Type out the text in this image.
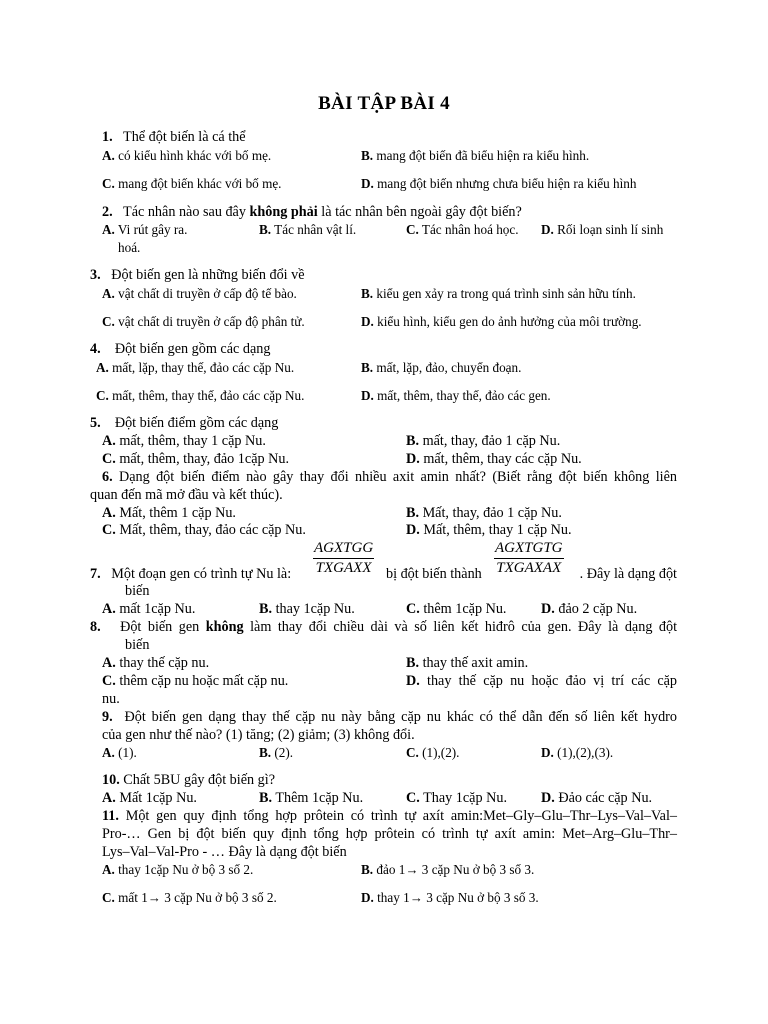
BÀI TẬP BÀI 4
1. Thể đột biến là cá thể
A. có kiểu hình khác với bố mẹ.	B. mang đột biến đã biểu hiện ra kiểu hình.
C. mang đột biến khác với bố mẹ.	D. mang đột biến nhưng chưa biểu hiện ra kiểu hình
2. Tác nhân nào sau đây không phải là tác nhân bên ngoài gây đột biến?
A. Vi rút gây ra.	B. Tác nhân vật lí.	C. Tác nhân hoá học. D. Rối loạn sinh lí sinh
hoá.
3. Đột biến gen là những biến đổi về
A. vật chất di truyền ở cấp độ tế bào.	B. kiểu gen xảy ra trong quá trình sinh sản hữu tính.
C. vật chất di truyền ở cấp độ phân tử.	D. kiểu hình, kiểu gen do ảnh hưởng của môi trường.
4. Đột biến gen gồm các dạng
A. mất, lặp, thay thế, đảo các cặp Nu.	B. mất, lặp, đảo, chuyển đoạn.
C. mất, thêm, thay thế, đảo các cặp Nu.	D. mất, thêm, thay thế, đảo các gen.
5. Đột biến điểm gồm các dạng
A. mất, thêm, thay 1 cặp Nu.	B. mất, thay, đảo 1 cặp Nu.
C. mất, thêm, thay, đảo 1cặp Nu.	D. mất, thêm, thay các cặp Nu.
6. Dạng đột biến điểm nào gây thay đổi nhiều axit amin nhất? (Biết rằng đột biến không liên
quan đến mã mở đầu và kết thúc).
A. Mất, thêm 1 cặp Nu.	B. Mất, thay, đảo 1 cặp Nu.
C. Mất, thêm, thay, đảo các cặp Nu.	D. Mất, thêm, thay 1 cặp Nu.
AGXTGG
TXGAXX
AGXTGTG
TXGAXAX
7. Một đoạn gen có trình tự Nu là:	bị đột biến thành	. Đây là dạng đột
biến
A. mất 1cặp Nu.	B. thay 1cặp Nu.	C. thêm 1cặp Nu. D. đảo 2 cặp Nu.
8. Đột biến gen không làm thay đổi chiều dài và số liên kết hiđrô của gen. Đây là dạng đột
biến
A. thay thế cặp nu.	B. thay thế axit amin.
C. thêm cặp nu hoặc mất cặp nu.	D. thay thế cặp nu hoặc đảo vị trí các cặp
nu.
9. Đột biến gen dạng thay thế cặp nu này bằng cặp nu khác có thể dẫn đến số liên kết hydro
của gen như thế nào? (1) tăng; (2) giảm; (3) không đổi.
A. (1).	B. (2).	C. (1),(2).	D. (1),(2),(3).
10. Chất 5BU gây đột biến gì?
A. Mất 1cặp Nu.	B. Thêm 1cặp Nu.	C. Thay 1cặp Nu. D. Đảo các cặp Nu.
11. Một gen quy định tổng hợp prôtein có trình tự axít amin:Met–Gly–Glu–Thr–Lys–Val–Val–
Pro-… Gen bị đột biến quy định tổng hợp prôtein có trình tự axít amin: Met–Arg–Glu–Thr–
Lys–Val–Val-Pro - … Đây là dạng đột biến
A. thay 1cặp Nu ở bộ 3 số 2.	B. đảo 1→ 3 cặp Nu ở bộ 3 số 3.
C. mất 1→ 3 cặp Nu ở bộ 3 số 2.	D. thay 1→ 3 cặp Nu ở bộ 3 số 3.
